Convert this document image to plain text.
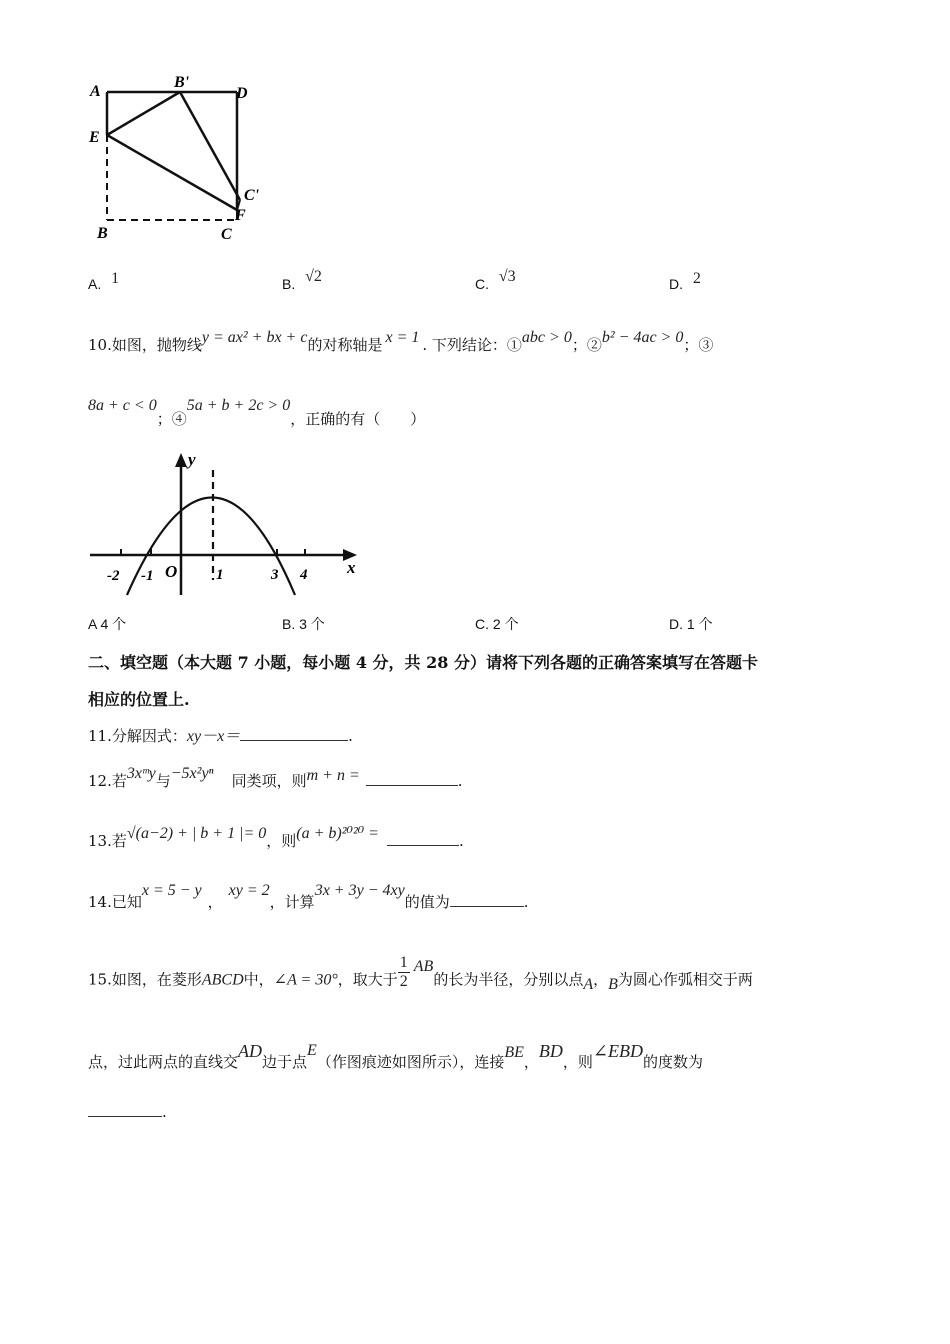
A
B'
D
E
C'
F
B	C
A. 1	B. √2	C. √3	D. 2
10.如图，抛物线y = ax² + bx + c的对称轴是 x = 1 . 下列结论：①abc > 0；②b² − 4ac > 0；③
8a + c < 0；④5a + b + 2c > 0，正确的有（　　）
y
x
O
-2 -1	1	3 4
A 4 个	B. 3 个	C. 2 个	D. 1 个
二、填空题（本大题 7 小题，每小题 4 分，共 28 分）请将下列各题的正确答案填写在答题卡
相应的位置上.
11.分解因式：xy－x＝	.
12.若3xᵐy与−5x²yⁿ 同类项，则m + n =	.
13.若√(a−2) + | b + 1 |= 0，则(a + b)²⁰²⁰ =	.
14.已知x = 5 − y，xy = 2，计算3x + 3y − 4xy的值为	.
15.如图，在菱形ABCD中，∠A = 30°，取大于 $\frac{1}{2}$ AB的长为半径，分别以点A，B为圆心作弧相交于两
点，过此两点的直线交AD边于点E（作图痕迹如图所示），连接BE，BD，则∠EBD的度数为
.
